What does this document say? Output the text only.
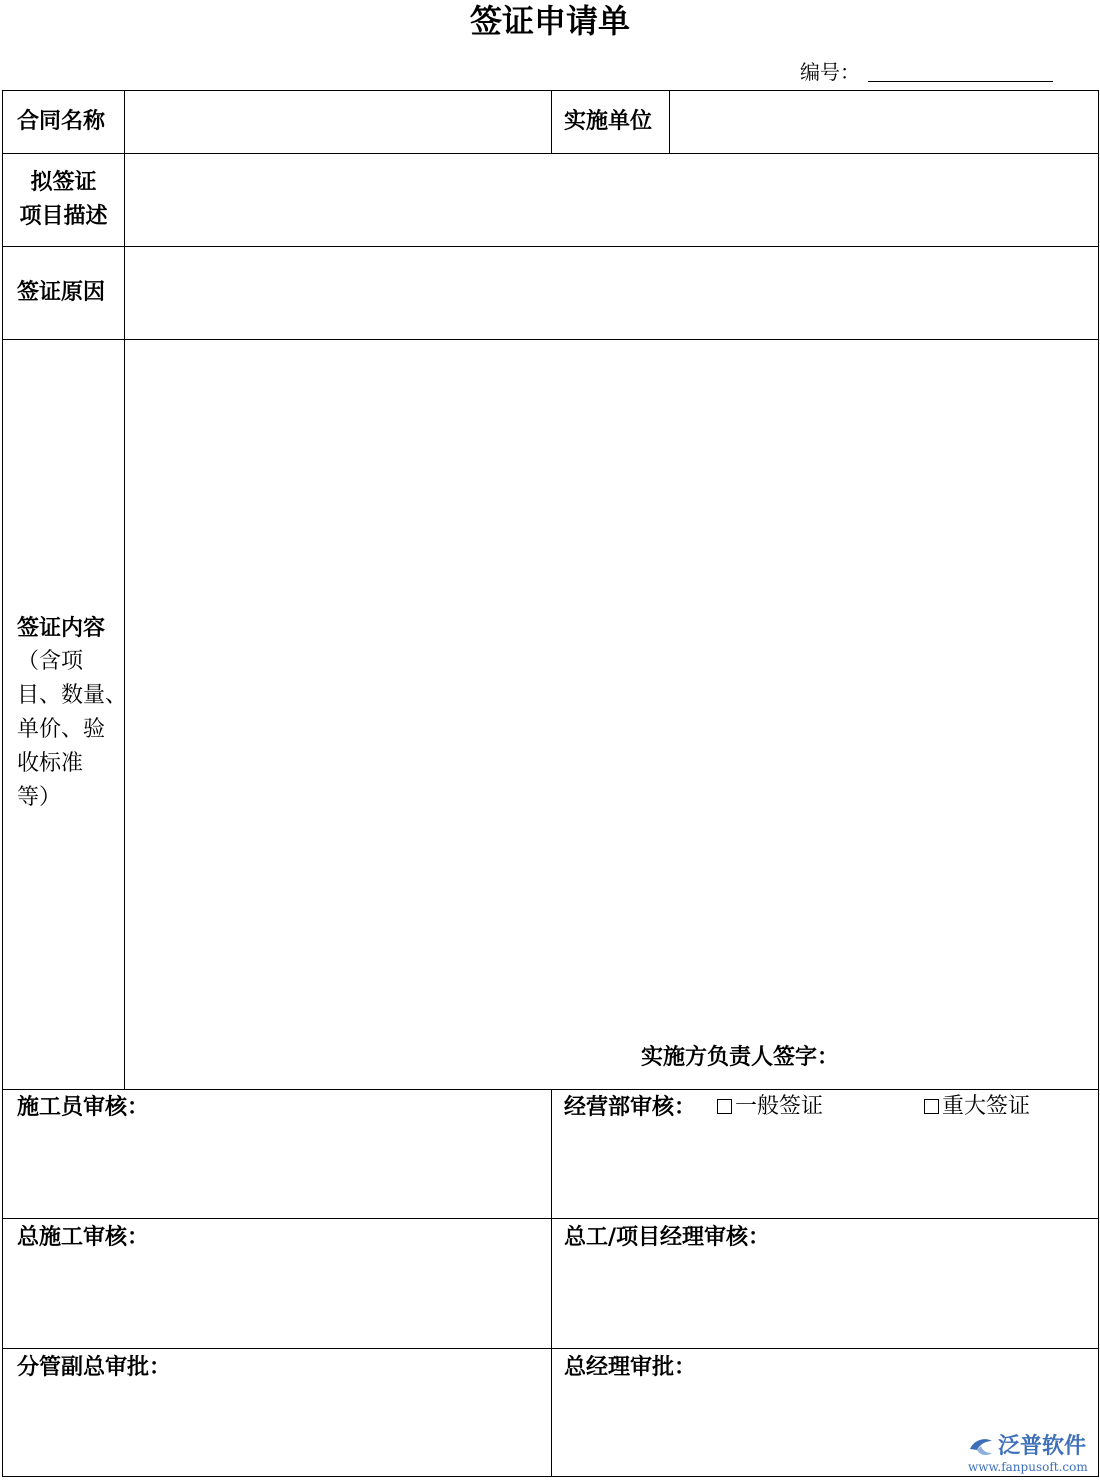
签证申请单
编号：
合同名称	实施单位
拟签证
项目描述
签证原因
签证内容
（含项
目、数量、
单价、验
收标准
等）
实施方负责人签字：
施工员审核：	经营部审核：	一般签证	重大签证
总施工审核：	总工/项目经理审核：
分管副总审批：	总经理审批：
泛普软件
www.fanpusoft.com
